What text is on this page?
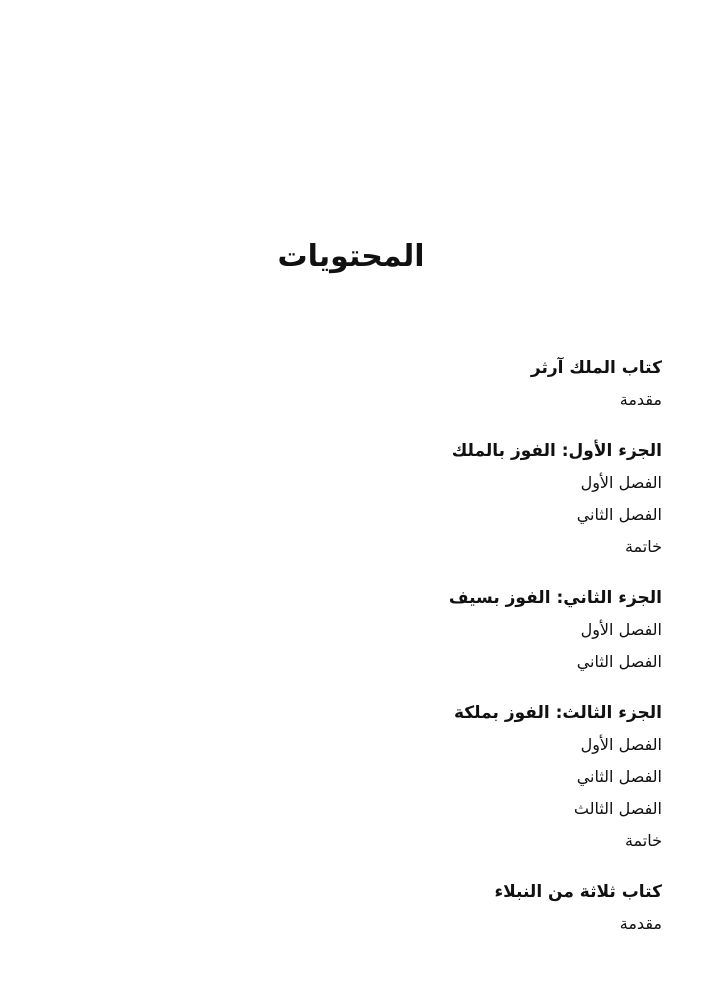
المحتويات
كتاب الملك آرثر
مقدمة
الجزء الأول: الفوز بالملك
الفصل الأول
الفصل الثاني
خاتمة
الجزء الثاني: الفوز بسيف
الفصل الأول
الفصل الثاني
الجزء الثالث: الفوز بملكة
الفصل الأول
الفصل الثاني
الفصل الثالث
خاتمة
كتاب ثلاثة من النبلاء
مقدمة
